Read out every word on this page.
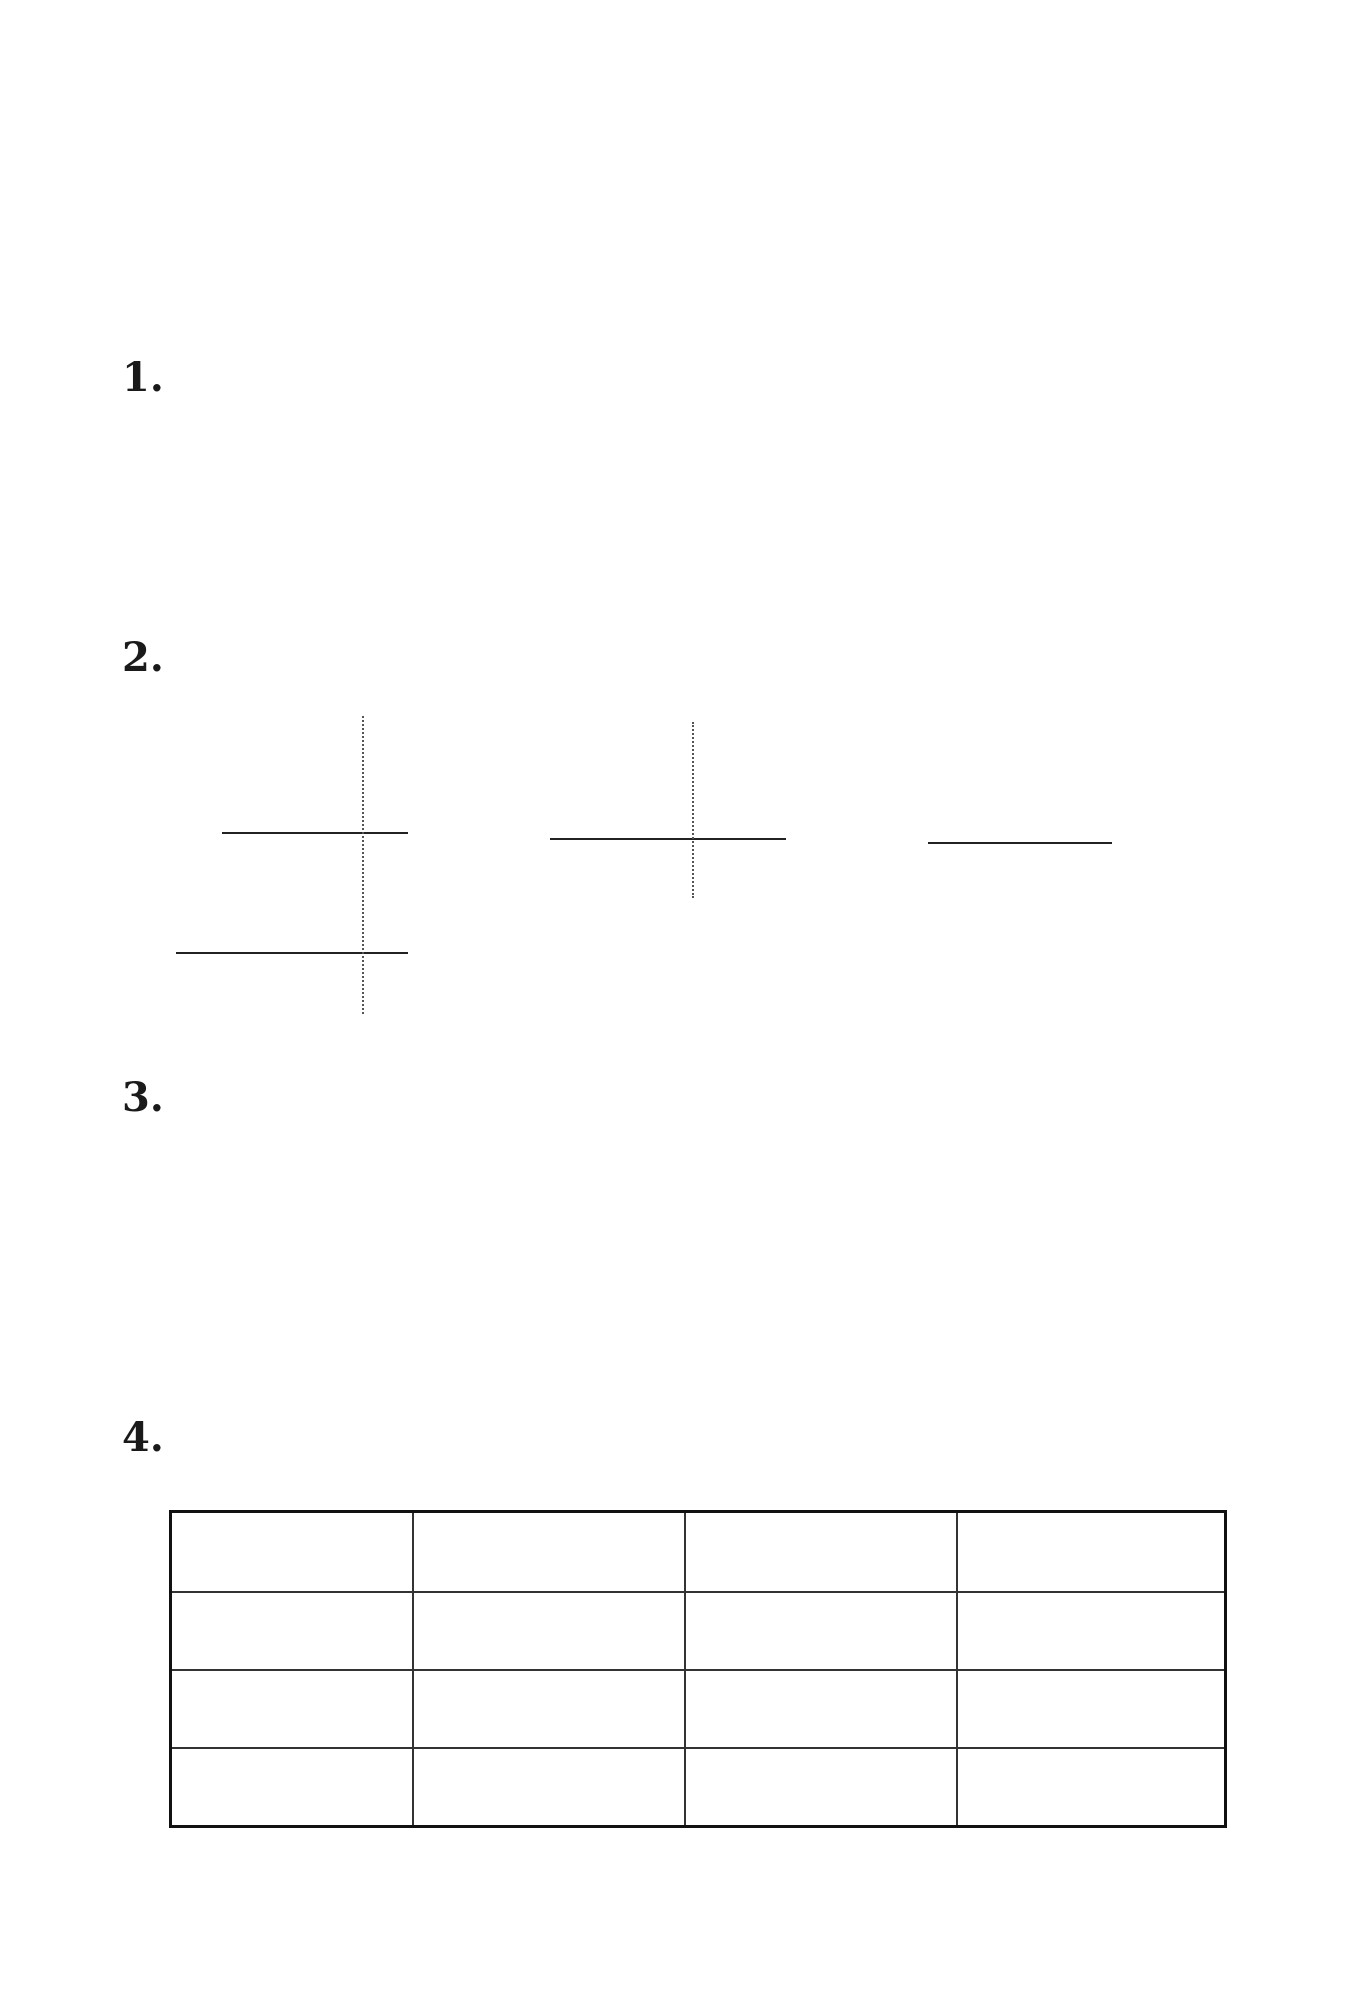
1.
2.
3.
4.
